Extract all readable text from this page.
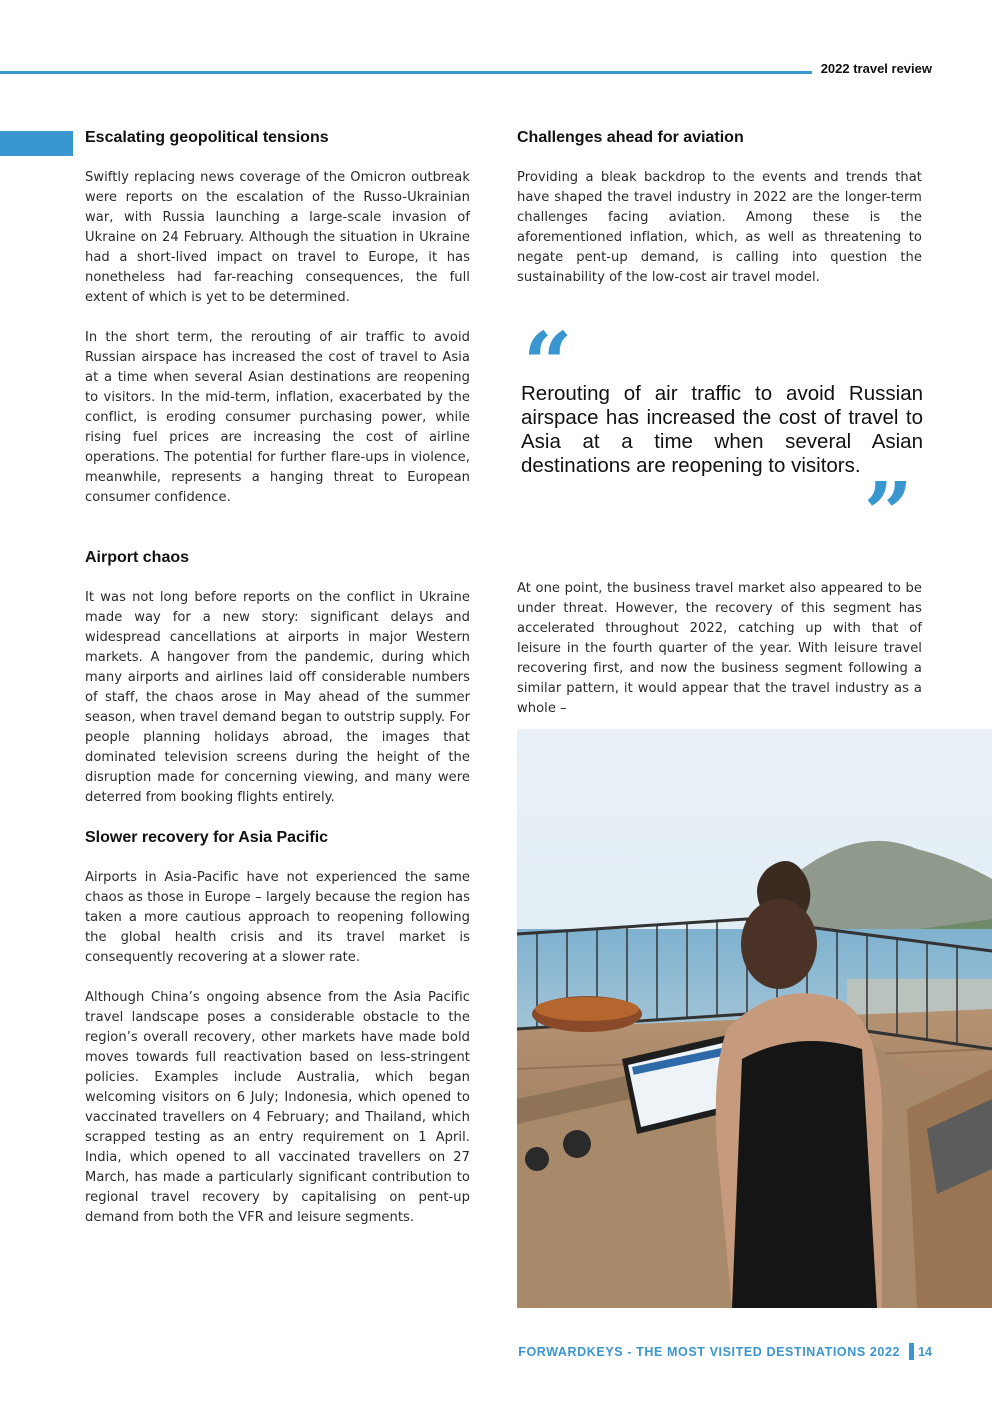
2022 travel review
Escalating geopolitical tensions

Swiftly replacing news coverage of the Omicron outbreak were reports on the escalation of the Russo-Ukrainian war, with Russia launching a large-scale invasion of Ukraine on 24 February. Although the situation in Ukraine had a short-lived impact on travel to Europe, it has nonetheless had far-reaching consequences, the full extent of which is yet to be determined.

In the short term, the rerouting of air traffic to avoid Russian airspace has increased the cost of travel to Asia at a time when several Asian destinations are reopening to visitors. In the mid-term, inflation, exacerbated by the conflict, is eroding consumer purchasing power, while rising fuel prices are increasing the cost of airline operations. The potential for further flare-ups in violence, meanwhile, represents a hanging threat to European consumer confidence.

Airport chaos

It was not long before reports on the conflict in Ukraine made way for a new story: significant delays and widespread cancellations at airports in major Western markets. A hangover from the pandemic, during which many airports and airlines laid off considerable numbers of staff, the chaos arose in May ahead of the summer season, when travel demand began to outstrip supply. For people planning holidays abroad, the images that dominated television screens during the height of the disruption made for concerning viewing, and many were deterred from booking flights entirely.

Slower recovery for Asia Pacific

Airports in Asia-Pacific have not experienced the same chaos as those in Europe – largely because the region has taken a more cautious approach to reopening following the global health crisis and its travel market is consequently recovering at a slower rate.

Although China’s ongoing absence from the Asia Pacific travel landscape poses a considerable obstacle to the region’s overall recovery, other markets have made bold moves towards full reactivation based on less-stringent policies. Examples include Australia, which began welcoming visitors on 6 July; Indonesia, which opened to vaccinated travellers on 4 February; and Thailand, which scrapped testing as an entry requirement on 1 April. India, which opened to all vaccinated travellers on 27 March, has made a particularly significant contribution to regional travel recovery by capitalising on pent-up demand from both the VFR and leisure segments.

Challenges ahead for aviation

Providing a bleak backdrop to the events and trends that have shaped the travel industry in 2022 are the longer-term challenges facing aviation. Among these is the aforementioned inflation, which, as well as threatening to negate pent-up demand, is calling into question the sustainability of the low-cost air travel model.

“
Rerouting of air traffic to avoid Russian airspace has increased the cost of travel to Asia at a time when several Asian destinations are reopening to visitors. ”

At one point, the business travel market also appeared to be under threat. However, the recovery of this segment has accelerated throughout 2022, catching up with that of leisure in the fourth quarter of the year. With leisure travel recovering first, and now the business segment following a similar pattern, it would appear that the travel industry as a whole –

FORWARDKEYS - THE MOST VISITED DESTINATIONS 2022 14
